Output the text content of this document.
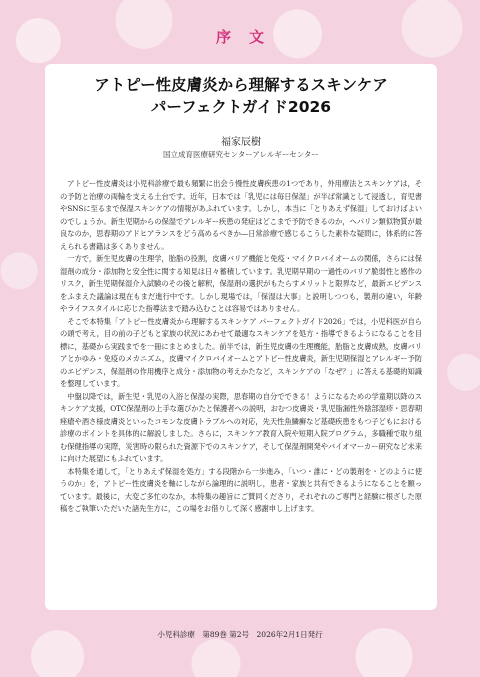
序文
アトピー性皮膚炎から理解するスキンケア
パーフェクトガイド2026
福家辰樹
国立成育医療研究センターアレルギーセンター

アトピー性皮膚炎は小児科診療で最も頻繁に出会う慢性皮膚疾患の1つであり，外用療法とスキンケアは，その予防と治療の両輪を支える土台です。近年，日本では「乳児には毎日保湿」が半ば常識として浸透し，育児書やSNSに至るまで保湿スキンケアの情報があふれています。しかし，本当に「とりあえず保湿」しておけばよいのでしょうか。新生児期からの保湿でアレルギー疾患の発症はどこまで予防できるのか，ヘパリン類似物質が最良なのか，思春期のアドヒアランスをどう高めるべきか―日常診療で感じるこうした素朴な疑問に，体系的に答えられる書籍は多くありません。

一方で，新生児皮膚の生理学，胎脂の役割，皮膚バリア機能と免疫・マイクロバイオームの関係，さらには保湿剤の成分・添加物と安全性に関する知見は日々蓄積しています。乳児期早期の一過性のバリア脆弱性と感作のリスク，新生児期保湿介入試験のその後と解釈，保湿剤の選択がもたらすメリットと限界など，最新エビデンスをふまえた議論は現在もまだ進行中です。しかし現場では，「保湿は大事」と説明しつつも，製剤の違い，年齢やライフスタイルに応じた指導法まで踏み込むことは容易ではありません。

そこで本特集「アトピー性皮膚炎から理解するスキンケア パーフェクトガイド2026」では，小児科医が自らの頭で考え，目の前の子どもと家族の状況にあわせて最適なスキンケアを処方・指導できるようになることを目標に，基礎から実践までを一冊にまとめました。前半では，新生児皮膚の生理機能，胎脂と皮膚成熟，皮膚バリアとかゆみ・免疫のメカニズム，皮膚マイクロバイオームとアトピー性皮膚炎，新生児期保湿とアレルギー予防のエビデンス，保湿剤の作用機序と成分・添加物の考えかたなど，スキンケアの「なぜ？」に答える基礎的知識を整理しています。

中盤以降では，新生児・乳児の入浴と保湿の実際，思春期の自分でできる！ようになるための学童期以降のスキンケア支援，OTC保湿剤の上手な選びかたと保護者への説明，おむつ皮膚炎・乳児脂漏性外陰部湿疹・思春期痤瘡や酒さ様皮膚炎といったコモンな皮膚トラブルへの対応，先天性魚鱗癬など基礎疾患をもつ子どもにおける診療のポイントを具体的に解説しました。さらに，スキンケア教育入院や短期入院プログラム，多職種で取り組む保健指導の実際，災害時の限られた資源下でのスキンケア，そして保湿剤開発やバイオマーカー研究など未来に向けた展望にもふれています。

本特集を通して，「とりあえず保湿を処方」する段階から一歩進み，「いつ・誰に・どの製剤を・どのように使うのか」を，アトピー性皮膚炎を軸にしながら論理的に説明し，患者・家族と共有できるようになることを願っています。最後に，大変ご多忙のなか，本特集の趣旨にご賛同くださり，それぞれのご専門と経験に根ざした原稿をご執筆いただいた諸先生方に，この場をお借りして深く感謝申し上げます。

小児科診療　第89巻 第2号　2026年2月1日発行
